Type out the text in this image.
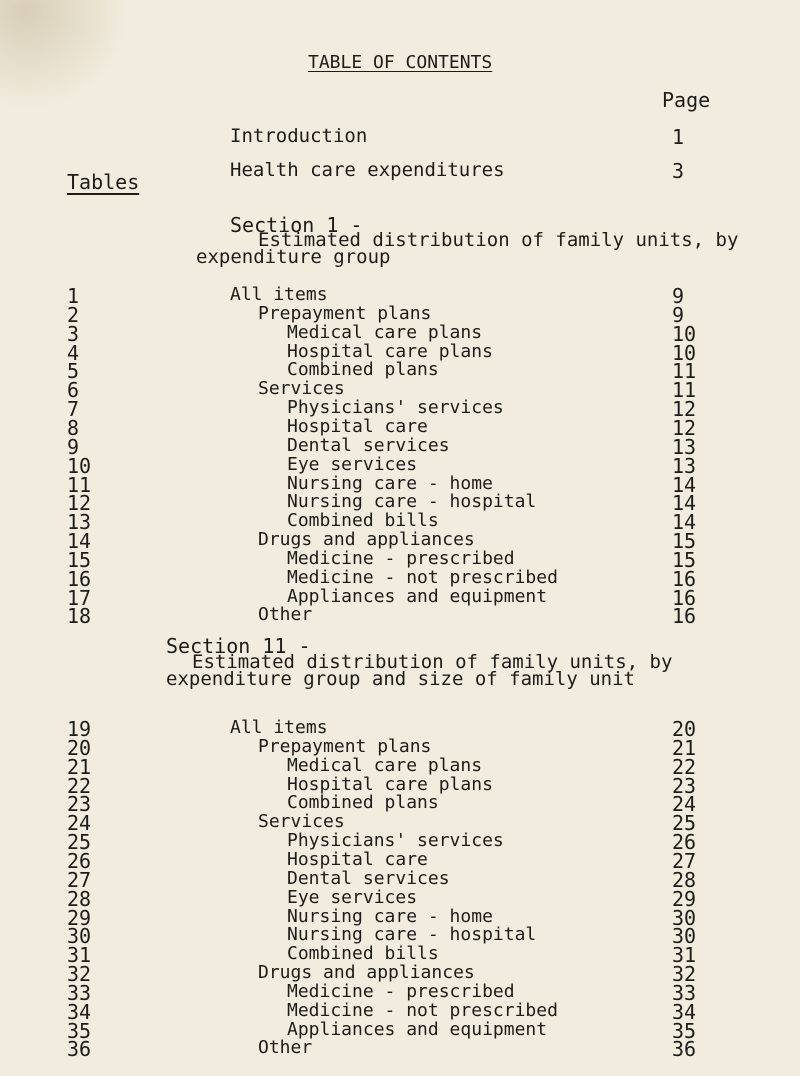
TABLE OF CONTENTS
Page
Introduction	1
Health care expenditures	3
Tables
Section 1 -
Estimated distribution of family units, by
expenditure group
1	All items	9
2	Prepayment plans	9
3	Medical care plans	10
4	Hospital care plans	10
5	Combined plans	11
6	Services	11
7	Physicians' services	12
8	Hospital care	12
9	Dental services	13
10	Eye services	13
11	Nursing care - home	14
12	Nursing care - hospital	14
13	Combined bills	14
14	Drugs and appliances	15
15	Medicine - prescribed	15
16	Medicine - not prescribed	16
17	Appliances and equipment	16
18	Other	16
Section 11 -
Estimated distribution of family units, by
expenditure group and size of family unit
19	All items	20
20	Prepayment plans	21
21	Medical care plans	22
22	Hospital care plans	23
23	Combined plans	24
24	Services	25
25	Physicians' services	26
26	Hospital care	27
27	Dental services	28
28	Eye services	29
29	Nursing care - home	30
30	Nursing care - hospital	30
31	Combined bills	31
32	Drugs and appliances	32
33	Medicine - prescribed	33
34	Medicine - not prescribed	34
35	Appliances and equipment	35
36	Other	36
